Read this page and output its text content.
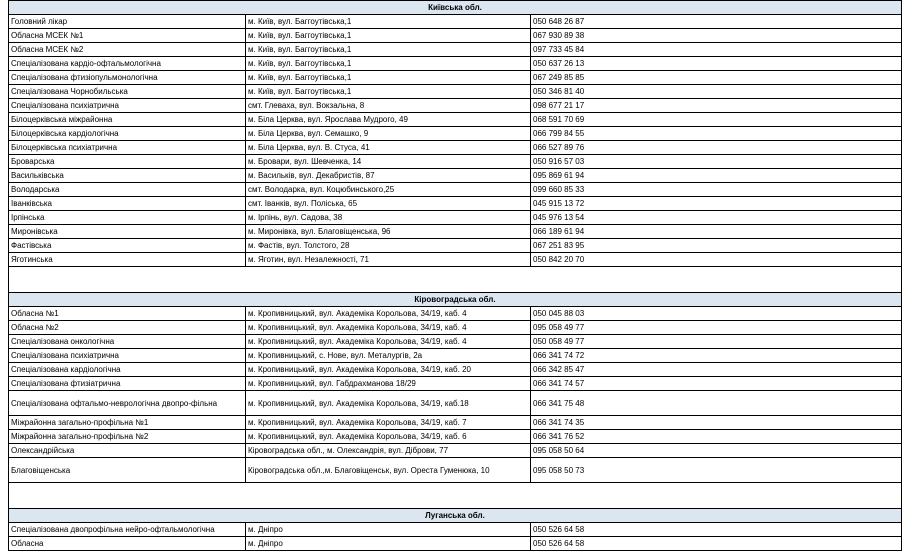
Київська обл.		
Головний лікар	м. Київ, вул. Баггоутівська,1	050 648 26 87
Обласна МСЕК №1	м. Київ, вул. Баггоутівська,1	067 930 89 38
Обласна МСЕК №2	м. Київ, вул. Баггоутівська,1	097 733 45 84
Спеціалізована кардіо-офтальмологічна	м. Київ, вул. Баггоутівська,1	050 637 26 13
Спеціалізована фтизіопульмонологічна	м. Київ, вул. Баггоутівська,1	067 249 85 85
Спеціалізована Чорнобильська	м. Київ, вул. Баггоутівська,1	050 346 81 40
Спеціалізована психіатрична	смт. Глеваха, вул. Вокзальна, 8	098 677 21 17
Білоцерківська міжрайонна	м. Біла Церква, вул. Ярослава Мудрого, 49	068 591 70 69
Білоцерківська кардіологічна	м. Біла Церква, вул. Семашко, 9	066 799 84 55
Білоцерківська психіатрична	м. Біла Церква, вул. В. Стуса, 41	066 527 89 76
Броварська	м. Бровари, вул. Шевченка, 14	050 916 57 03
Васильківська	м. Васильків, вул. Декабристів, 87	095 869 61 94
Володарська	смт. Володарка, вул. Коцюбинського,25	099 660 85 33
Іванківська	смт. Іванків, вул. Поліська, 65	045 915 13 72
Ірпінська	м. Ірпінь, вул. Садова, 38	045 976 13 54
Миронівська	м. Миронівка, вул. Благовіщенська, 96	066 189 61 94
Фастівська	м. Фастів, вул. Толстого, 28	067 251 83 95
Яготинська	м. Яготин, вул. Незалежності, 71	050 842 20 70

Кіровоградська обл.		
Обласна №1	м. Кропивницький, вул. Академіка Корольова, 34/19, каб. 4	050 045 88 03
Обласна №2	м. Кропивницький, вул. Академіка Корольова, 34/19, каб. 4	095 058 49 77
Спеціалізована онкологічна	м. Кропивницький, вул. Академіка Корольова, 34/19, каб. 4	050 058 49 77
Спеціалізована психіатрична	м. Кропивницький, с. Нове, вул. Металургів, 2а	066 341 74 72
Спеціалізована кардіологічна	м. Кропивницький, вул. Академіка Корольова, 34/19, каб. 20	066 342 85 47
Спеціалізована фтизіатрична	м. Кропивницький, вул. Габдрахманова 18/29	066 341 74 57
Спеціалізована офтальмо-неврологічна двопро-фільна	м. Кропивницький, вул. Академіка Корольова, 34/19, каб.18	066 341 75 48
Міжрайонна загально-профільна №1	м. Кропивницький, вул. Академіка Корольова, 34/19, каб. 7	066 341 74 35
Міжрайонна загально-профільна №2	м. Кропивницький, вул. Академіка Корольова, 34/19, каб. 6	066 341 76 52
Олександрійська	Кіровоградська обл., м. Олександрія, вул. Діброви, 77	095 058 50 64
Благовіщенська	Кіровоградська обл.,м. Благовіщенськ, вул. Ореста Гуменюка, 10	095 058 50 73

Луганська обл.		
Спеціалізована двопрофільна нейро-офтальмологічна	м. Дніпро	050 526 64 58
Обласна	м. Дніпро	050 526 64 58
